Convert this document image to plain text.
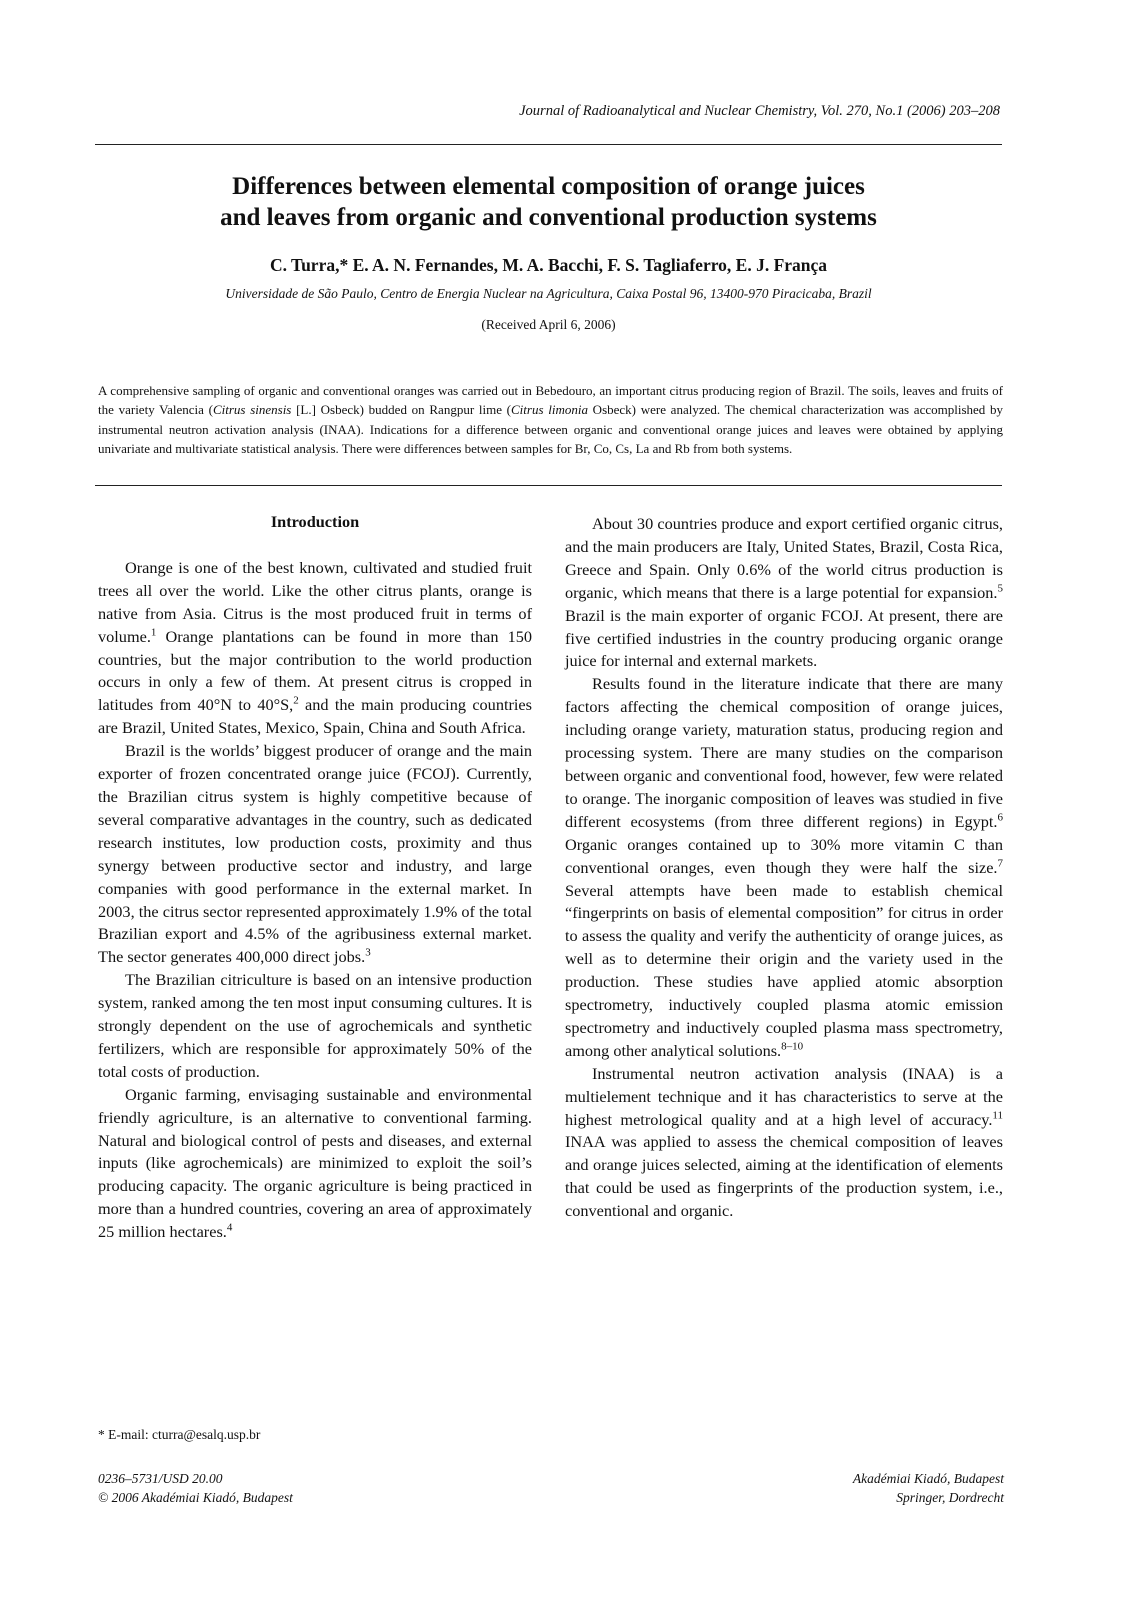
Journal of Radioanalytical and Nuclear Chemistry, Vol. 270, No.1 (2006) 203–208
Differences between elemental composition of orange juices
and leaves from organic and conventional production systems
C. Turra,* E. A. N. Fernandes, M. A. Bacchi, F. S. Tagliaferro, E. J. França
Universidade de São Paulo, Centro de Energia Nuclear na Agricultura, Caixa Postal 96, 13400-970 Piracicaba, Brazil
(Received April 6, 2006)
A comprehensive sampling of organic and conventional oranges was carried out in Bebedouro, an important citrus producing region of Brazil. The soils, leaves and fruits of the variety Valencia (Citrus sinensis [L.] Osbeck) budded on Rangpur lime (Citrus limonia Osbeck) were analyzed. The chemical characterization was accomplished by instrumental neutron activation analysis (INAA). Indications for a difference between organic and conventional orange juices and leaves were obtained by applying univariate and multivariate statistical analysis. There were differences between samples for Br, Co, Cs, La and Rb from both systems.
Introduction

Orange is one of the best known, cultivated and studied fruit trees all over the world. Like the other citrus plants, orange is native from Asia. Citrus is the most produced fruit in terms of volume.$^1$ Orange plantations can be found in more than 150 countries, but the major contribution to the world production occurs in only a few of them. At present citrus is cropped in latitudes from 40°N to 40°S,$^2$ and the main producing countries are Brazil, United States, Mexico, Spain, China and South Africa.

Brazil is the worlds’ biggest producer of orange and the main exporter of frozen concentrated orange juice (FCOJ). Currently, the Brazilian citrus system is highly competitive because of several comparative advantages in the country, such as dedicated research institutes, low production costs, proximity and thus synergy between productive sector and industry, and large companies with good performance in the external market. In 2003, the citrus sector represented approximately 1.9% of the total Brazilian export and 4.5% of the agribusiness external market. The sector generates 400,000 direct jobs.$^3$

The Brazilian citriculture is based on an intensive production system, ranked among the ten most input consuming cultures. It is strongly dependent on the use of agrochemicals and synthetic fertilizers, which are responsible for approximately 50% of the total costs of production.

Organic farming, envisaging sustainable and environmental friendly agriculture, is an alternative to conventional farming. Natural and biological control of pests and diseases, and external inputs (like agrochemicals) are minimized to exploit the soil’s producing capacity. The organic agriculture is being practiced in more than a hundred countries, covering an area of approximately 25 million hectares.$^4$

About 30 countries produce and export certified organic citrus, and the main producers are Italy, United States, Brazil, Costa Rica, Greece and Spain. Only 0.6% of the world citrus production is organic, which means that there is a large potential for expansion.$^5$ Brazil is the main exporter of organic FCOJ. At present, there are five certified industries in the country producing organic orange juice for internal and external markets.

Results found in the literature indicate that there are many factors affecting the chemical composition of orange juices, including orange variety, maturation status, producing region and processing system. There are many studies on the comparison between organic and conventional food, however, few were related to orange. The inorganic composition of leaves was studied in five different ecosystems (from three different regions) in Egypt.$^6$ Organic oranges contained up to 30% more vitamin C than conventional oranges, even though they were half the size.$^7$ Several attempts have been made to establish chemical “fingerprints on basis of elemental composition” for citrus in order to assess the quality and verify the authenticity of orange juices, as well as to determine their origin and the variety used in the production. These studies have applied atomic absorption spectrometry, inductively coupled plasma atomic emission spectrometry and inductively coupled plasma mass spectrometry, among other analytical solutions.$^{8-10}$

Instrumental neutron activation analysis (INAA) is a multielement technique and it has characteristics to serve at the highest metrological quality and at a high level of accuracy.$^{11}$ INAA was applied to assess the chemical composition of leaves and orange juices selected, aiming at the identification of elements that could be used as fingerprints of the production system, i.e., conventional and organic.

* E-mail: cturra@esalq.usp.br
0236–5731/USD 20.00
© 2006 Akadémiai Kiadó, Budapest
Akadémiai Kiadó, Budapest
Springer, Dordrecht
